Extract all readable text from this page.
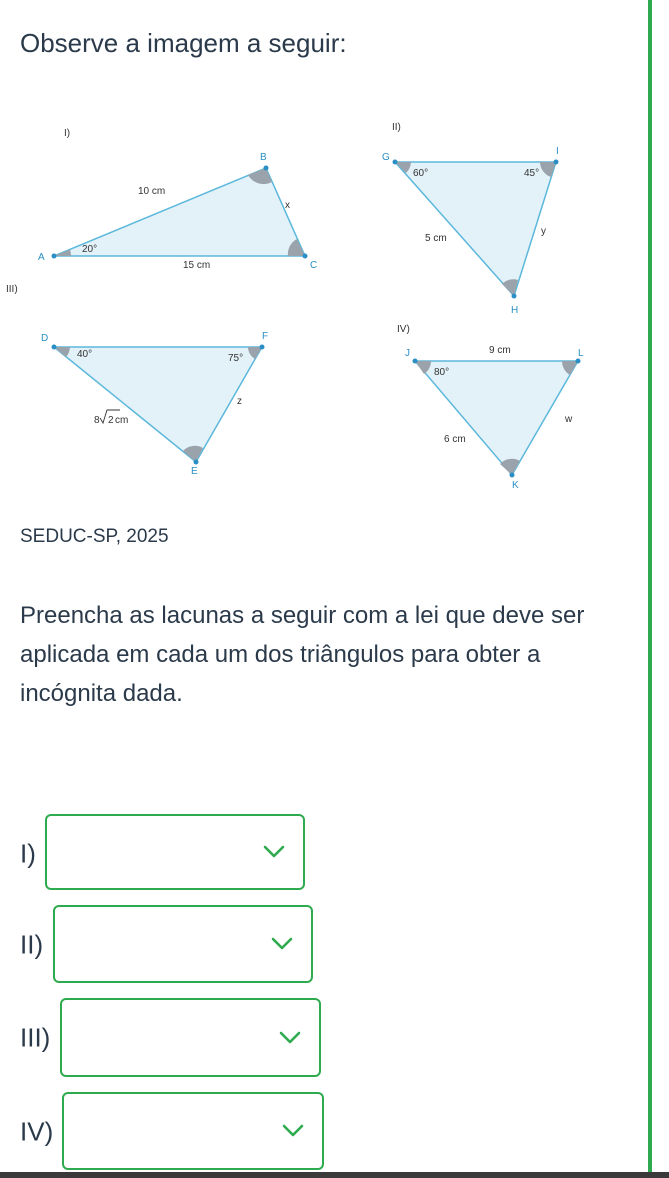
Observe a imagem a seguir:
I)
A
B
C
10 cm
15 cm
x
20°
II)
G
I
H
60°	45°
5 cm
y
III)
D	F
E
40°	75°
z
8 2 cm
IV)
J	L
K
9 cm
80°
6 cm
w
SEDUC-SP, 2025
Preencha as lacunas a seguir com a lei que deve ser aplicada em cada um dos triângulos para obter a incógnita dada.
I)
II)
III)
IV)
